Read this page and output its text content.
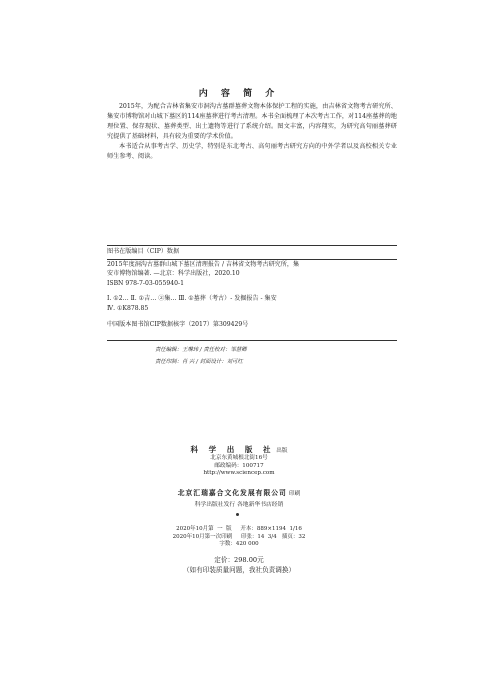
内 容 简 介

2015年，为配合吉林省集安市洞沟古墓群墓葬文物本体保护工程的实施，由吉林省文物考古研究所、集安市博物馆对山城下墓区的114座墓葬进行考古清理。本书全面梳理了本次考古工作，对114座墓葬的地理位置、保存现状、墓葬类型、出土遗物等进行了系统介绍。图文丰富，内容翔实，为研究高句丽墓葬研究提供了基础材料，具有较为重要的学术价值。

本书适合从事考古学、历史学，特别是东北考古、高句丽考古研究方向的中外学者以及高校相关专业师生参考、阅读。

图书在版编目（CIP）数据
2015年度洞沟古墓群山城下墓区清理报告 / 吉林省文物考古研究所，集
安市博物馆编著. —北京：科学出版社，2020.10
ISBN 978-7-03-055940-1
Ⅰ. ①2… Ⅱ. ①吉… ②集… Ⅲ. ①墓葬（考古）- 发掘报告 - 集安
Ⅳ. ①K878.85
中国版本图书馆CIP数据核字（2017）第309429号
责任编辑：王琳玮 / 责任校对：邹慧卿
责任印制：肖 兴 / 封面设计：刘可红
科 学 出 版 社 出版
北京东黄城根北街16号
邮政编码：100717
http://www.sciencep.com
北京汇瑞嘉合文化发展有限公司 印刷
科学出版社发行 各地新华书店经销
2020年10月第  一  版     开本：889×1194  1/16
2020年10月第一次印刷     印张：14  3/4   插页：32
字数：420 000
定价：298.00元
（如有印装质量问题，我社负责调换）
